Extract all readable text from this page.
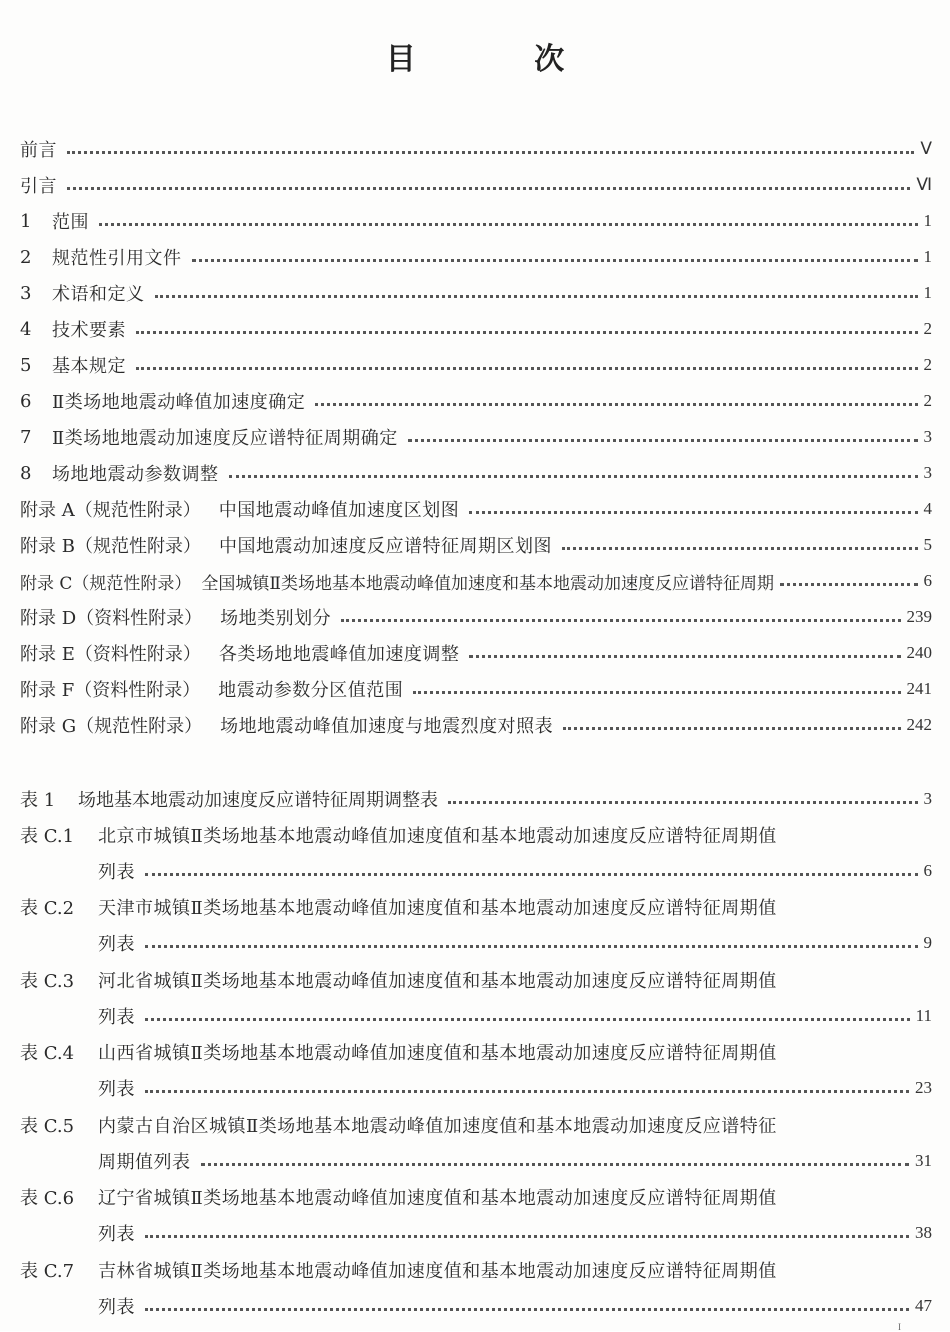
目 次
前言	Ⅴ
引言	Ⅵ
1	范围	1
2	规范性引用文件	1
3	术语和定义	1
4	技术要素	2
5	基本规定	2
6	Ⅱ类场地地震动峰值加速度确定	2
7	Ⅱ类场地地震动加速度反应谱特征周期确定	3
8	场地地震动参数调整	3
附录 A（规范性附录） 中国地震动峰值加速度区划图	4
附录 B（规范性附录） 中国地震动加速度反应谱特征周期区划图	5
附录 C（规范性附录） 全国城镇Ⅱ类场地基本地震动峰值加速度和基本地震动加速度反应谱特征周期	6
附录 D（资料性附录） 场地类别划分	239
附录 E（资料性附录） 各类场地地震峰值加速度调整	240
附录 F（资料性附录） 地震动参数分区值范围	241
附录 G（规范性附录） 场地地震动峰值加速度与地震烈度对照表	242
表 1	场地基本地震动加速度反应谱特征周期调整表	3
表 C.1	北京市城镇Ⅱ类场地基本地震动峰值加速度值和基本地震动加速度反应谱特征周期值
列表	6
表 C.2	天津市城镇Ⅱ类场地基本地震动峰值加速度值和基本地震动加速度反应谱特征周期值
列表	9
表 C.3	河北省城镇Ⅱ类场地基本地震动峰值加速度值和基本地震动加速度反应谱特征周期值
列表	11
表 C.4	山西省城镇Ⅱ类场地基本地震动峰值加速度值和基本地震动加速度反应谱特征周期值
列表	23
表 C.5	内蒙古自治区城镇Ⅱ类场地基本地震动峰值加速度值和基本地震动加速度反应谱特征
周期值列表	31
表 C.6	辽宁省城镇Ⅱ类场地基本地震动峰值加速度值和基本地震动加速度反应谱特征周期值
列表	38
表 C.7	吉林省城镇Ⅱ类场地基本地震动峰值加速度值和基本地震动加速度反应谱特征周期值
列表	47
I
